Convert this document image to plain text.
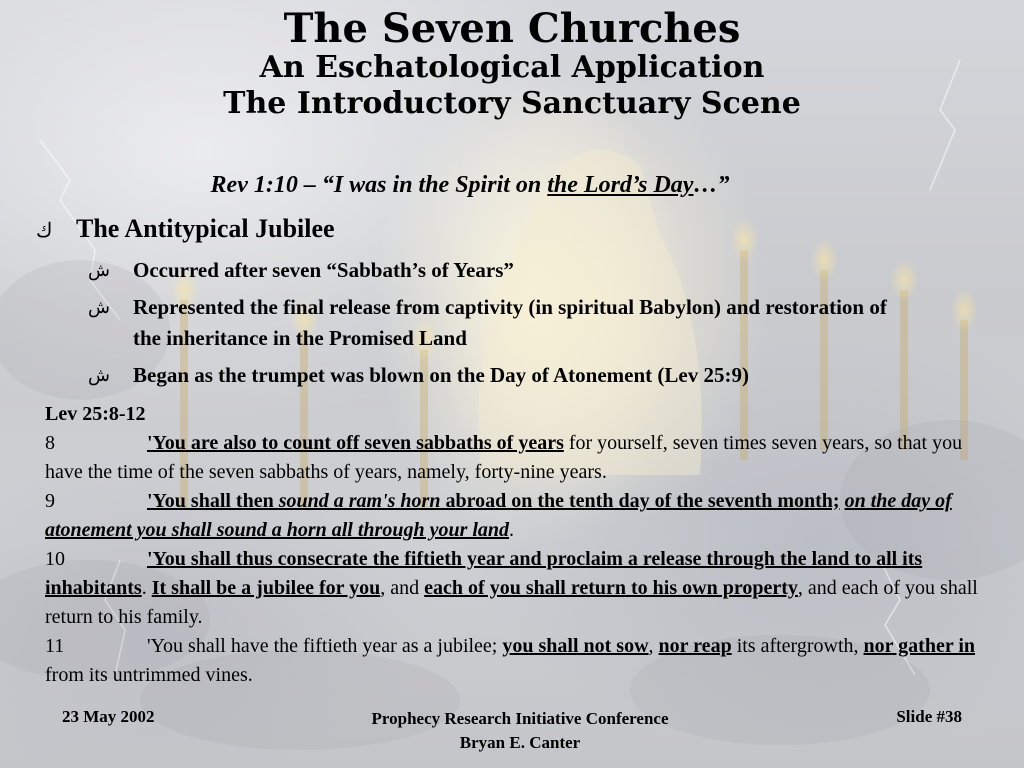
The Seven Churches
An Eschatological Application
The Introductory Sanctuary Scene
Rev 1:10 – “I was in the Spirit on the Lord’s Day…”
ك The Antitypical Jubilee
ش Occurred after seven “Sabbath’s of Years”
ش Represented the final release from captivity (in spiritual Babylon) and restoration of the inheritance in the Promised Land
ش Began as the trumpet was blown on the Day of Atonement (Lev 25:9)
Lev 25:8-12
8	'You are also to count off seven sabbaths of years for yourself, seven times seven years, so that you have the time of the seven sabbaths of years, namely, forty-nine years.
9	'You shall then sound a ram's horn abroad on the tenth day of the seventh month; on the day of atonement you shall sound a horn all through your land.
10	'You shall thus consecrate the fiftieth year and proclaim a release through the land to all its inhabitants. It shall be a jubilee for you, and each of you shall return to his own property, and each of you shall return to his family.
11	'You shall have the fiftieth year as a jubilee; you shall not sow, nor reap its aftergrowth, nor gather in from its untrimmed vines.
23 May 2002	Prophecy Research Initiative Conference
Bryan E. Canter
Slide #38
